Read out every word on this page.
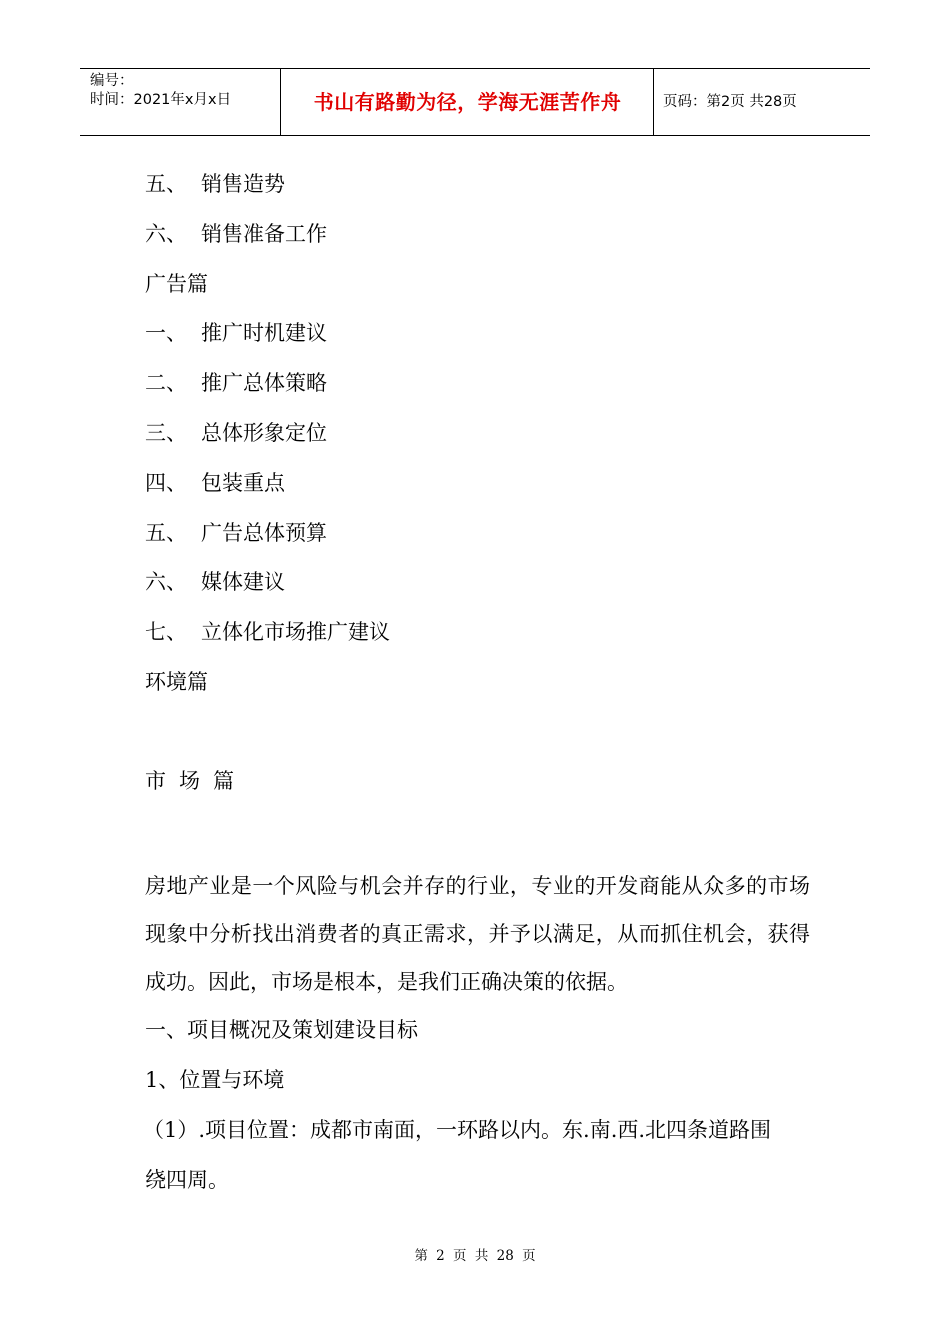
编号：
时间：2021年x月x日	书山有路勤为径，学海无涯苦作舟	页码：第2页 共28页
五、 销售造势
六、 销售准备工作
广告篇
一、 推广时机建议
二、 推广总体策略
三、 总体形象定位
四、 包装重点
五、 广告总体预算
六、 媒体建议
七、 立体化市场推广建议
环境篇
市场篇

房地产业是一个风险与机会并存的行业，专业的开发商能从众多的市场现象中分析找出消费者的真正需求，并予以满足，从而抓住机会，获得成功。因此，市场是根本，是我们正确决策的依据。

一、项目概况及策划建设目标
1、位置与环境
（1）.项目位置：成都市南面，一环路以内。东.南.西.北四条道路围
绕四周。
第 2 页 共 28 页
